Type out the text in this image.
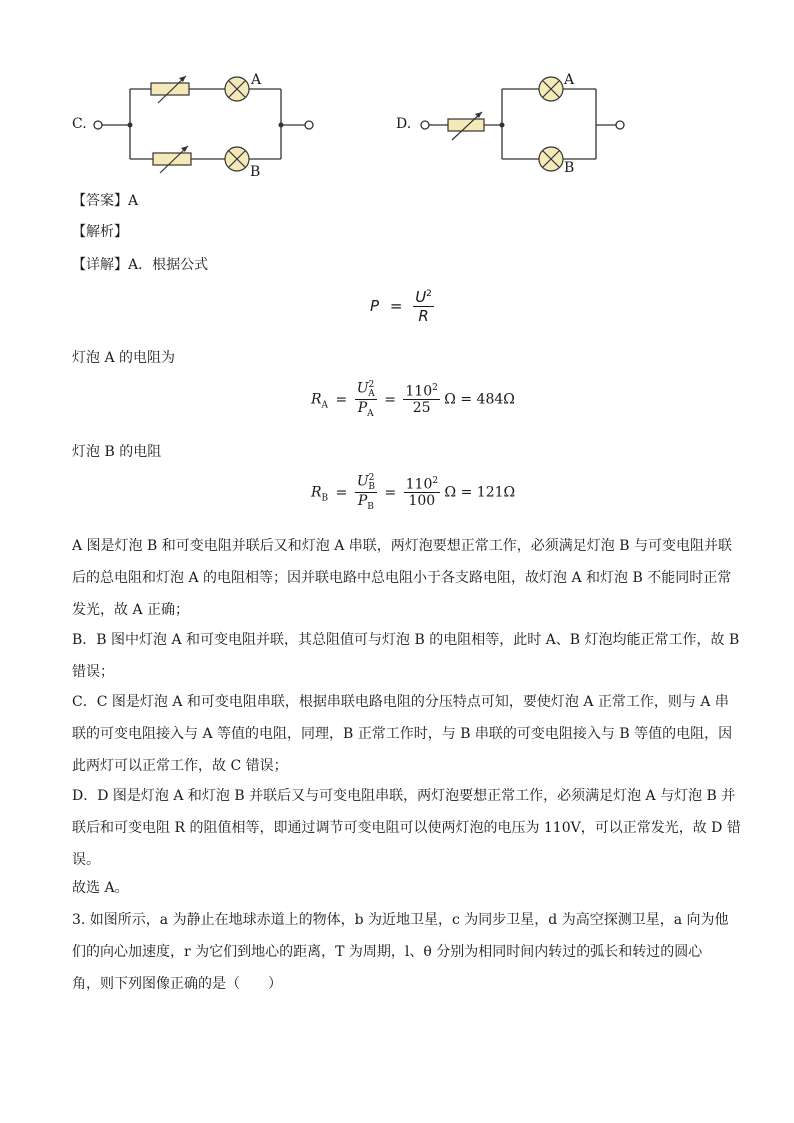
C.
A
B
D.
A
B
【答案】A
【解析】
【详解】A．根据公式
$P = \frac{U^2}{R}$
灯泡 A 的电阻为
$R_A = \frac{U^2_A}{P_A} = \frac{110^2}{25}$ Ω = 484Ω
灯泡 B 的电阻
$R_B = \frac{U^2_B}{P_B} = \frac{110^2}{100}$ Ω = 121Ω
A 图是灯泡 B 和可变电阻并联后又和灯泡 A 串联，两灯泡要想正常工作，必须满足灯泡 B 与可变电阻并联
后的总电阻和灯泡 A 的电阻相等；因并联电路中总电阻小于各支路电阻，故灯泡 A 和灯泡 B 不能同时正常
发光，故 A 正确；
B．B 图中灯泡 A 和可变电阻并联，其总阻值可与灯泡 B 的电阻相等，此时 A、B 灯泡均能正常工作，故 B
错误；
C．C 图是灯泡 A 和可变电阻串联，根据串联电路电阻的分压特点可知，要使灯泡 A 正常工作，则与 A 串
联的可变电阻接入与 A 等值的电阻，同理，B 正常工作时，与 B 串联的可变电阻接入与 B 等值的电阻，因
此两灯可以正常工作，故 C 错误；
D．D 图是灯泡 A 和灯泡 B 并联后又与可变电阻串联，两灯泡要想正常工作，必须满足灯泡 A 与灯泡 B 并
联后和可变电阻 R 的阻值相等，即通过调节可变电阻可以使两灯泡的电压为 110V，可以正常发光，故 D 错
误。
故选 A。
3. 如图所示，a 为静止在地球赤道上的物体，b 为近地卫星，c 为同步卫星，d 为高空探测卫星，a 向为他
们的向心加速度，r 为它们到地心的距离，T 为周期，l、θ 分别为相同时间内转过的弧长和转过的圆心
角，则下列图像正确的是（　　）
